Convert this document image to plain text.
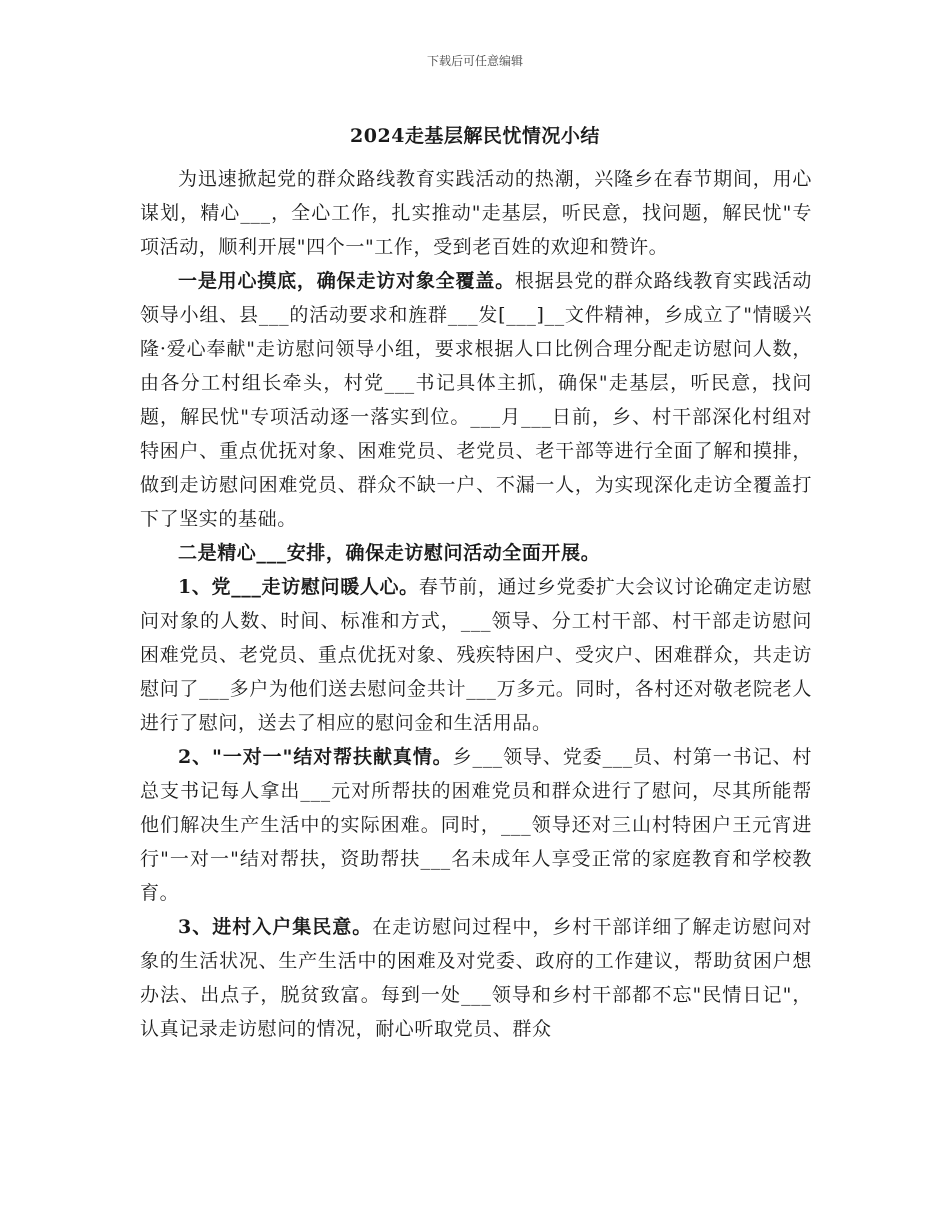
下载后可任意编辑
2024走基层解民忧情况小结

为迅速掀起党的群众路线教育实践活动的热潮，兴隆乡在春节期间，用心谋划，精心___，全心工作，扎实推动"走基层，听民意，找问题，解民忧"专项活动，顺利开展"四个一"工作，受到老百姓的欢迎和赞许。

一是用心摸底，确保走访对象全覆盖。根据县党的群众路线教育实践活动领导小组、县___的活动要求和旌群___发[___]__文件精神，乡成立了"情暖兴隆·爱心奉献"走访慰问领导小组，要求根据人口比例合理分配走访慰问人数，由各分工村组长牵头，村党___书记具体主抓，确保"走基层，听民意，找问题，解民忧"专项活动逐一落实到位。___月___日前，乡、村干部深化村组对特困户、重点优抚对象、困难党员、老党员、老干部等进行全面了解和摸排，做到走访慰问困难党员、群众不缺一户、不漏一人，为实现深化走访全覆盖打下了坚实的基础。

二是精心___安排，确保走访慰问活动全面开展。

1、党___走访慰问暖人心。春节前，通过乡党委扩大会议讨论确定走访慰问对象的人数、时间、标准和方式，___领导、分工村干部、村干部走访慰问困难党员、老党员、重点优抚对象、残疾特困户、受灾户、困难群众，共走访慰问了___多户为他们送去慰问金共计___万多元。同时，各村还对敬老院老人进行了慰问，送去了相应的慰问金和生活用品。

2、"一对一"结对帮扶献真情。乡___领导、党委___员、村第一书记、村总支书记每人拿出___元对所帮扶的困难党员和群众进行了慰问，尽其所能帮他们解决生产生活中的实际困难。同时，___领导还对三山村特困户王元宵进行"一对一"结对帮扶，资助帮扶___名未成年人享受正常的家庭教育和学校教育。

3、进村入户集民意。在走访慰问过程中，乡村干部详细了解走访慰问对象的生活状况、生产生活中的困难及对党委、政府的工作建议，帮助贫困户想办法、出点子，脱贫致富。每到一处___领导和乡村干部都不忘"民情日记"，认真记录走访慰问的情况，耐心听取党员、群众
